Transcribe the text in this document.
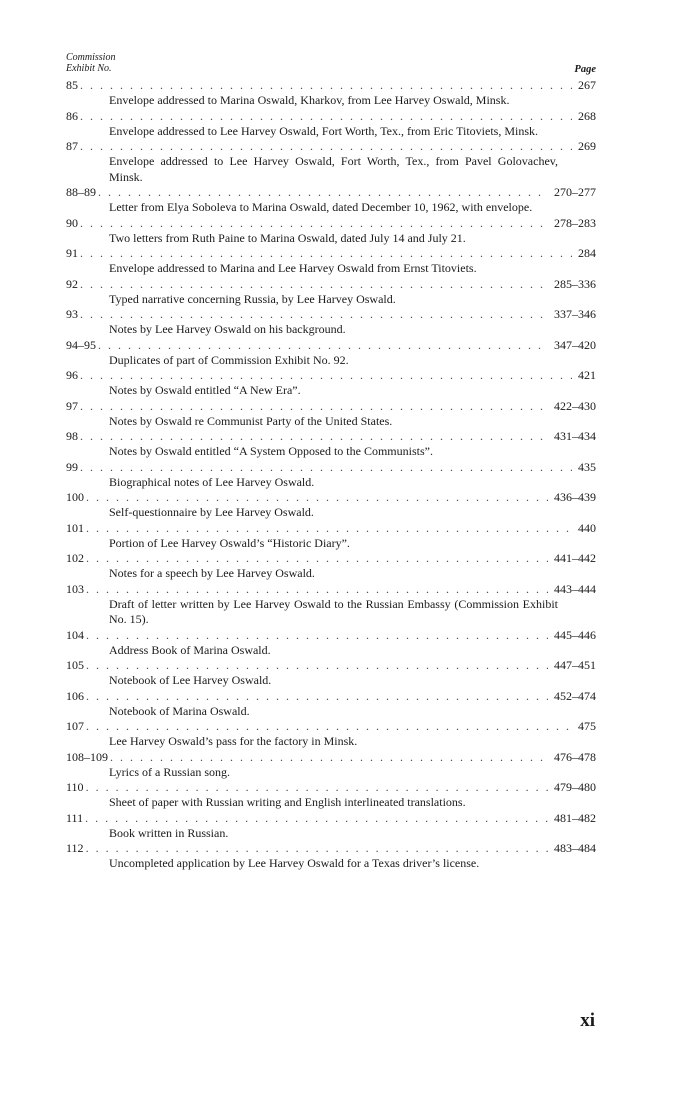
Commission
Exhibit No.	Page
85 . . .	267
Envelope addressed to Marina Oswald, Kharkov, from Lee Harvey Oswald, Minsk.
86 . . .	268
Envelope addressed to Lee Harvey Oswald, Fort Worth, Tex., from Eric Titoviets, Minsk.
87 . . .	269
Envelope addressed to Lee Harvey Oswald, Fort Worth, Tex., from Pavel Golovachev, Minsk.
88–89 . . .	270–277
Letter from Elya Soboleva to Marina Oswald, dated December 10, 1962, with envelope.
90 . . .	278–283
Two letters from Ruth Paine to Marina Oswald, dated July 14 and July 21.
91 . . .	284
Envelope addressed to Marina and Lee Harvey Oswald from Ernst Titoviets.
92 . . .	285–336
Typed narrative concerning Russia, by Lee Harvey Oswald.
93 . . .	337–346
Notes by Lee Harvey Oswald on his background.
94–95 . . .	347–420
Duplicates of part of Commission Exhibit No. 92.
96 . . .	421
Notes by Oswald entitled “A New Era”.
97 . . .	422–430
Notes by Oswald re Communist Party of the United States.
98 . . .	431–434
Notes by Oswald entitled “A System Opposed to the Communists”.
99 . . .	435
Biographical notes of Lee Harvey Oswald.
100 . . .	436–439
Self-questionnaire by Lee Harvey Oswald.
101 . . .	440
Portion of Lee Harvey Oswald’s “Historic Diary”.
102 . . .	441–442
Notes for a speech by Lee Harvey Oswald.
103 . . .	443–444
Draft of letter written by Lee Harvey Oswald to the Russian Embassy (Commission Exhibit No. 15).
104 . . .	445–446
Address Book of Marina Oswald.
105 . . .	447–451
Notebook of Lee Harvey Oswald.
106 . . .	452–474
Notebook of Marina Oswald.
107 . . .	475
Lee Harvey Oswald’s pass for the factory in Minsk.
108–109 . . .	476–478
Lyrics of a Russian song.
110 . . .	479–480
Sheet of paper with Russian writing and English interlineated translations.
111 . . .	481–482
Book written in Russian.
112 . . .	483–484
Uncompleted application by Lee Harvey Oswald for a Texas driver’s license.
xi
